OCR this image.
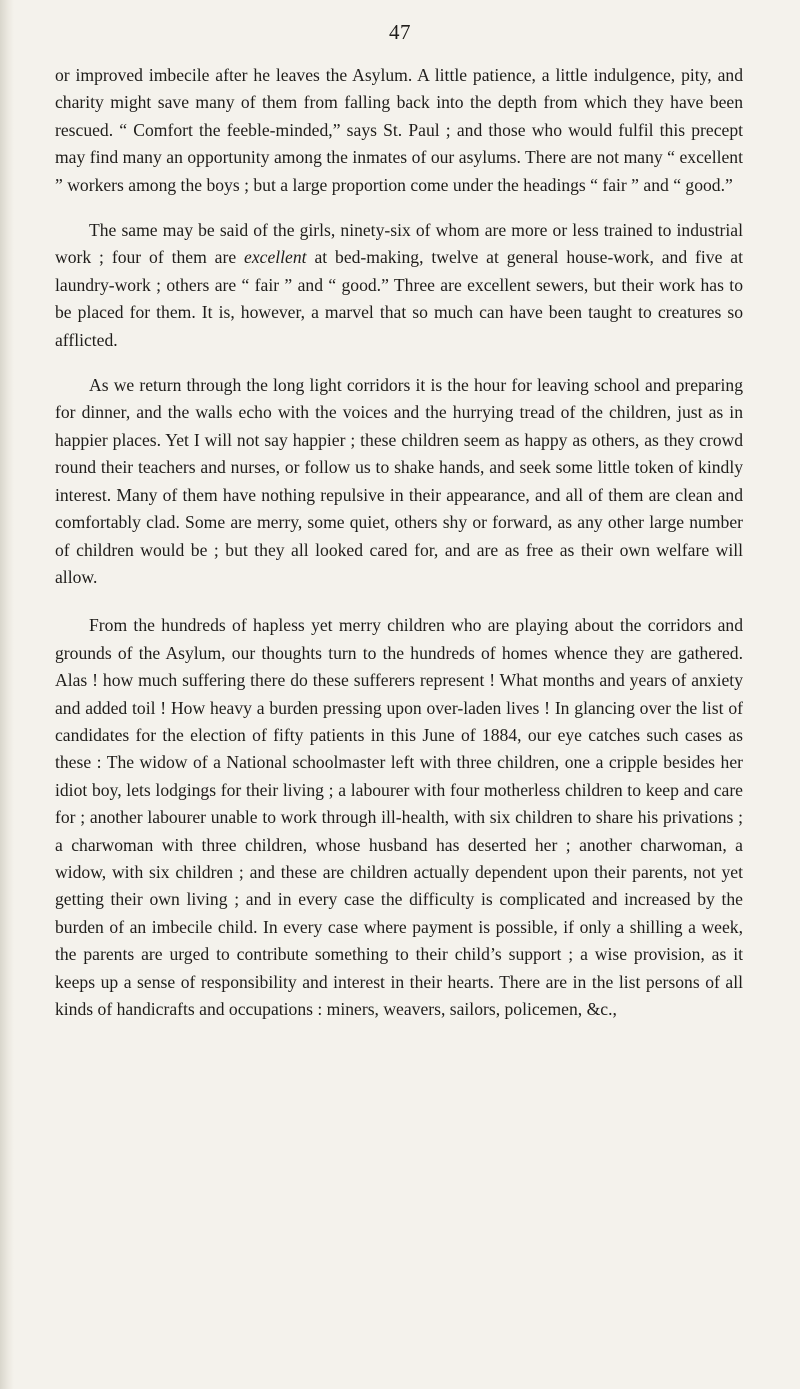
47

or improved imbecile after he leaves the Asylum. A little patience, a little indulgence, pity, and charity might save many of them from falling back into the depth from which they have been rescued. “ Comfort the feeble-minded,” says St. Paul ; and those who would fulfil this precept may find many an opportunity among the inmates of our asylums. There are not many “ excellent ” workers among the boys ; but a large proportion come under the headings “ fair ” and “ good.”

The same may be said of the girls, ninety-six of whom are more or less trained to industrial work ; four of them are excellent at bed-making, twelve at general house-work, and five at laundry-work ; others are “ fair ” and “ good.” Three are excellent sewers, but their work has to be placed for them. It is, however, a marvel that so much can have been taught to creatures so afflicted.

As we return through the long light corridors it is the hour for leaving school and preparing for dinner, and the walls echo with the voices and the hurrying tread of the children, just as in happier places. Yet I will not say happier ; these children seem as happy as others, as they crowd round their teachers and nurses, or follow us to shake hands, and seek some little token of kindly interest. Many of them have nothing repulsive in their appearance, and all of them are clean and comfortably clad. Some are merry, some quiet, others shy or forward, as any other large number of children would be ; but they all looked cared for, and are as free as their own welfare will allow.

From the hundreds of hapless yet merry children who are playing about the corridors and grounds of the Asylum, our thoughts turn to the hundreds of homes whence they are gathered. Alas ! how much suffering there do these sufferers represent ! What months and years of anxiety and added toil ! How heavy a burden pressing upon over-laden lives ! In glancing over the list of candidates for the election of fifty patients in this June of 1884, our eye catches such cases as these : The widow of a National schoolmaster left with three children, one a cripple besides her idiot boy, lets lodgings for their living ; a labourer with four motherless children to keep and care for ; another labourer unable to work through ill-health, with six children to share his privations ; a charwoman with three children, whose husband has deserted her ; another charwoman, a widow, with six children ; and these are children actually dependent upon their parents, not yet getting their own living ; and in every case the difficulty is complicated and increased by the burden of an imbecile child. In every case where payment is possible, if only a shilling a week, the parents are urged to contribute something to their child’s support ; a wise provision, as it keeps up a sense of responsibility and interest in their hearts. There are in the list persons of all kinds of handicrafts and occupations : miners, weavers, sailors, policemen, &c.,
